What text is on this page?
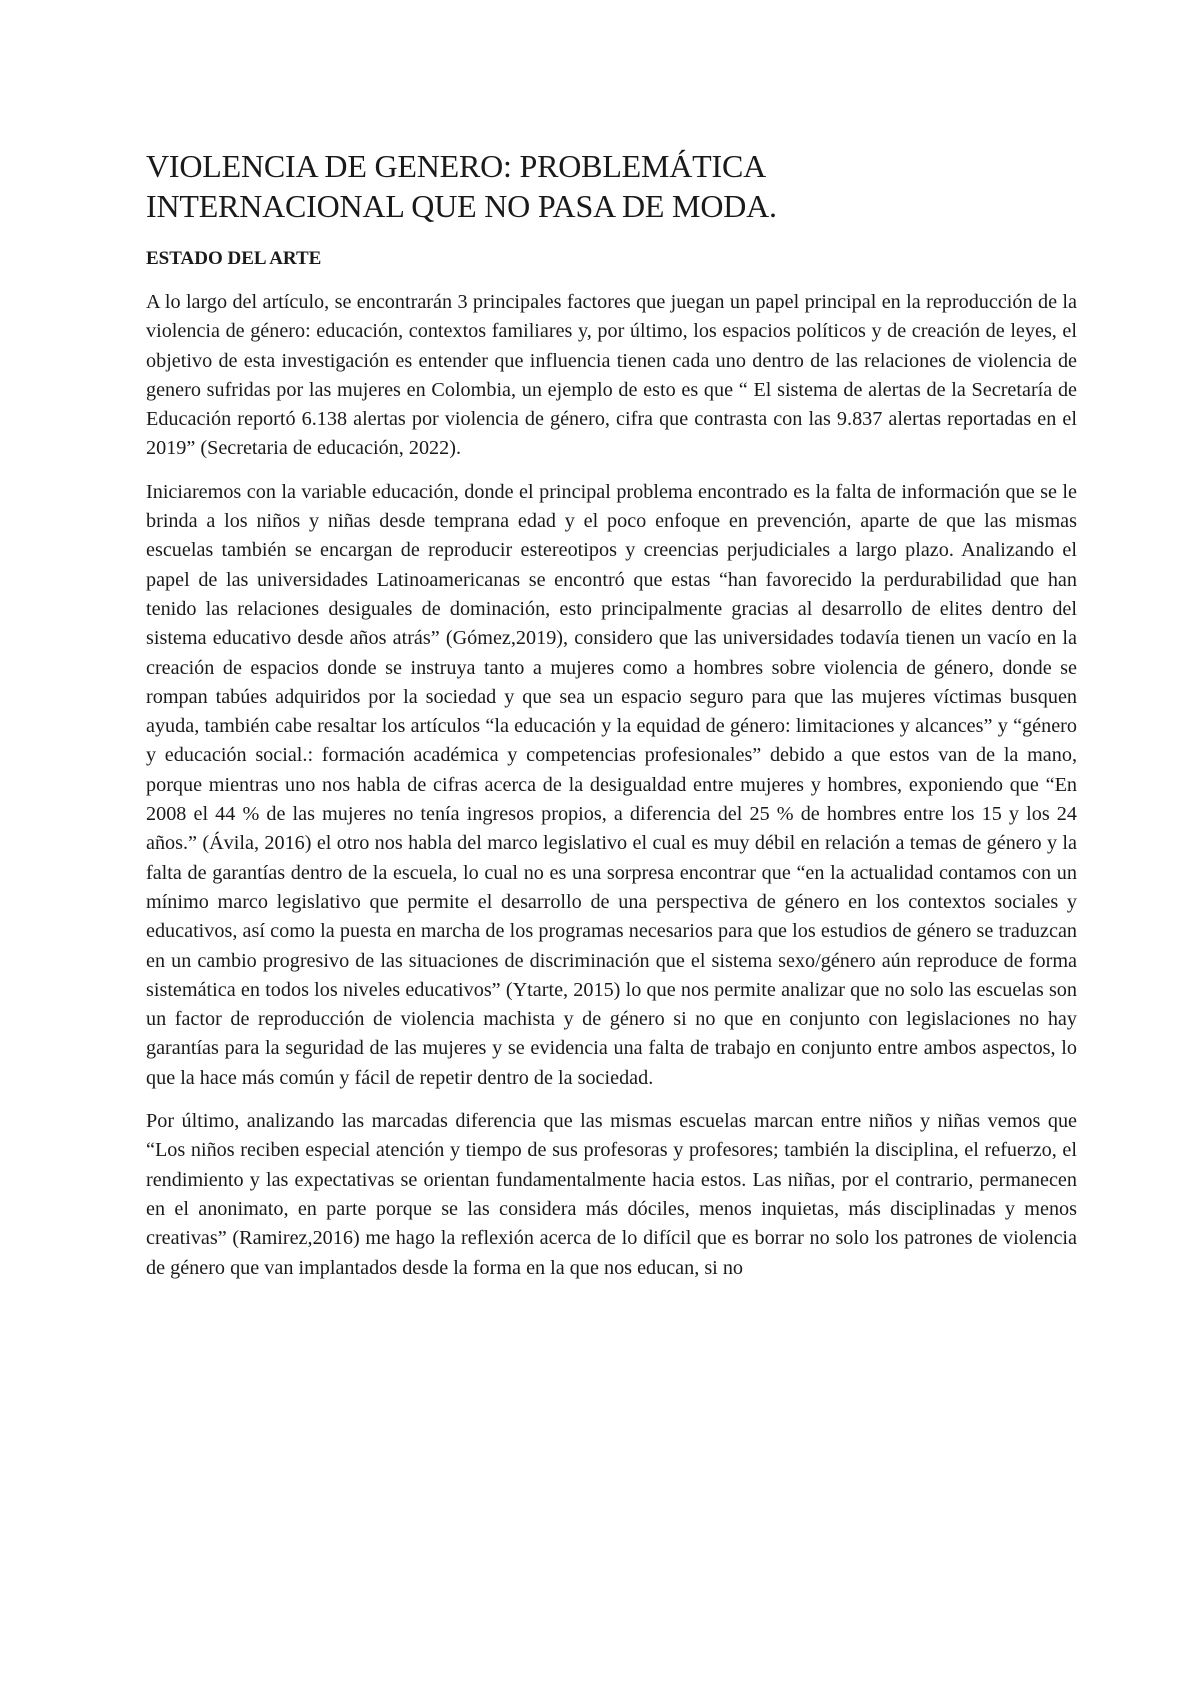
VIOLENCIA DE GENERO: PROBLEMÁTICA
INTERNACIONAL QUE NO PASA DE MODA.
ESTADO DEL ARTE

A lo largo del artículo, se encontrarán 3 principales factores que juegan un papel principal en la reproducción de la violencia de género: educación, contextos familiares y, por último, los espacios políticos y de creación de leyes, el objetivo de esta investigación es entender que influencia tienen cada uno dentro de las relaciones de violencia de genero sufridas por las mujeres en Colombia, un ejemplo de esto es que “ El sistema de alertas de la Secretaría de Educación reportó 6.138 alertas por violencia de género, cifra que contrasta con las 9.837 alertas reportadas en el 2019” (Secretaria de educación, 2022).

Iniciaremos con la variable educación, donde el principal problema encontrado es la falta de información que se le brinda a los niños y niñas desde temprana edad y el poco enfoque en prevención, aparte de que las mismas escuelas también se encargan de reproducir estereotipos y creencias perjudiciales a largo plazo. Analizando el papel de las universidades Latinoamericanas se encontró que estas “han favorecido la perdurabilidad que han tenido las relaciones desiguales de dominación, esto principalmente gracias al desarrollo de elites dentro del sistema educativo desde años atrás” (Gómez,2019), considero que las universidades todavía tienen un vacío en la creación de espacios donde se instruya tanto a mujeres como a hombres sobre violencia de género, donde se rompan tabúes adquiridos por la sociedad y que sea un espacio seguro para que las mujeres víctimas busquen ayuda, también cabe resaltar los artículos “la educación y la equidad de género: limitaciones y alcances” y “género y educación social.: formación académica y competencias profesionales” debido a que estos van de la mano, porque mientras uno nos habla de cifras acerca de la desigualdad entre mujeres y hombres, exponiendo que “En 2008 el 44 % de las mujeres no tenía ingresos propios, a diferencia del 25 % de hombres entre los 15 y los 24 años.” (Ávila, 2016) el otro nos habla del marco legislativo el cual es muy débil en relación a temas de género y la falta de garantías dentro de la escuela, lo cual no es una sorpresa encontrar que “en la actualidad contamos con un mínimo marco legislativo que permite el desarrollo de una perspectiva de género en los contextos sociales y educativos, así como la puesta en marcha de los programas necesarios para que los estudios de género se traduzcan en un cambio progresivo de las situaciones de discriminación que el sistema sexo/género aún reproduce de forma sistemática en todos los niveles educativos” (Ytarte, 2015) lo que nos permite analizar que no solo las escuelas son un factor de reproducción de violencia machista y de género si no que en conjunto con legislaciones no hay garantías para la seguridad de las mujeres y se evidencia una falta de trabajo en conjunto entre ambos aspectos, lo que la hace más común y fácil de repetir dentro de la sociedad.

Por último, analizando las marcadas diferencia que las mismas escuelas marcan entre niños y niñas vemos que “Los niños reciben especial atención y tiempo de sus profesoras y profesores; también la disciplina, el refuerzo, el rendimiento y las expectativas se orientan fundamentalmente hacia estos. Las niñas, por el contrario, permanecen en el anonimato, en parte porque se las considera más dóciles, menos inquietas, más disciplinadas y menos creativas” (Ramirez,2016) me hago la reflexión acerca de lo difícil que es borrar no solo los patrones de violencia de género que van implantados desde la forma en la que nos educan, si no
